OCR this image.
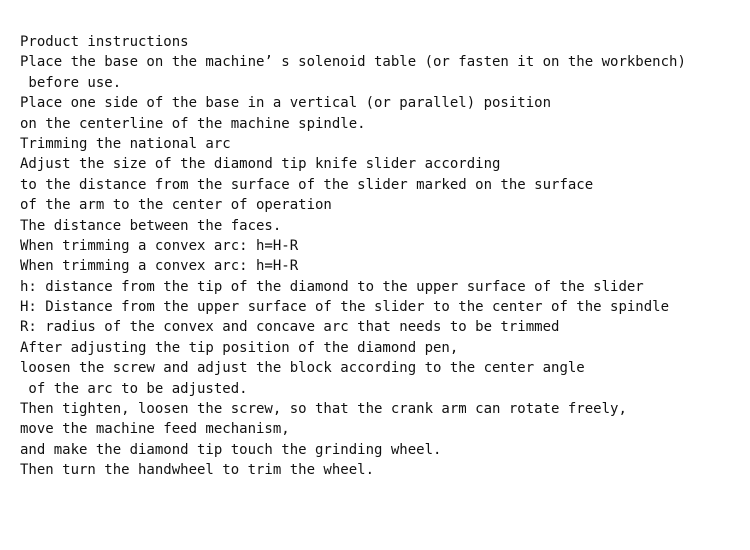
Product instructions
Place the base on the machine’ s solenoid table (or fasten it on the workbench)
before use.
Place one side of the base in a vertical (or parallel) position
on the centerline of the machine spindle.
Trimming the national arc
Adjust the size of the diamond tip knife slider according
to the distance from the surface of the slider marked on the surface
of the arm to the center of operation
The distance between the faces.
When trimming a convex arc: h=H-R
When trimming a convex arc: h=H-R
h: distance from the tip of the diamond to the upper surface of the slider
H: Distance from the upper surface of the slider to the center of the spindle
R: radius of the convex and concave arc that needs to be trimmed
After adjusting the tip position of the diamond pen,
loosen the screw and adjust the block according to the center angle
of the arc to be adjusted.
Then tighten, loosen the screw, so that the crank arm can rotate freely,
move the machine feed mechanism,
and make the diamond tip touch the grinding wheel.
Then turn the handwheel to trim the wheel.
